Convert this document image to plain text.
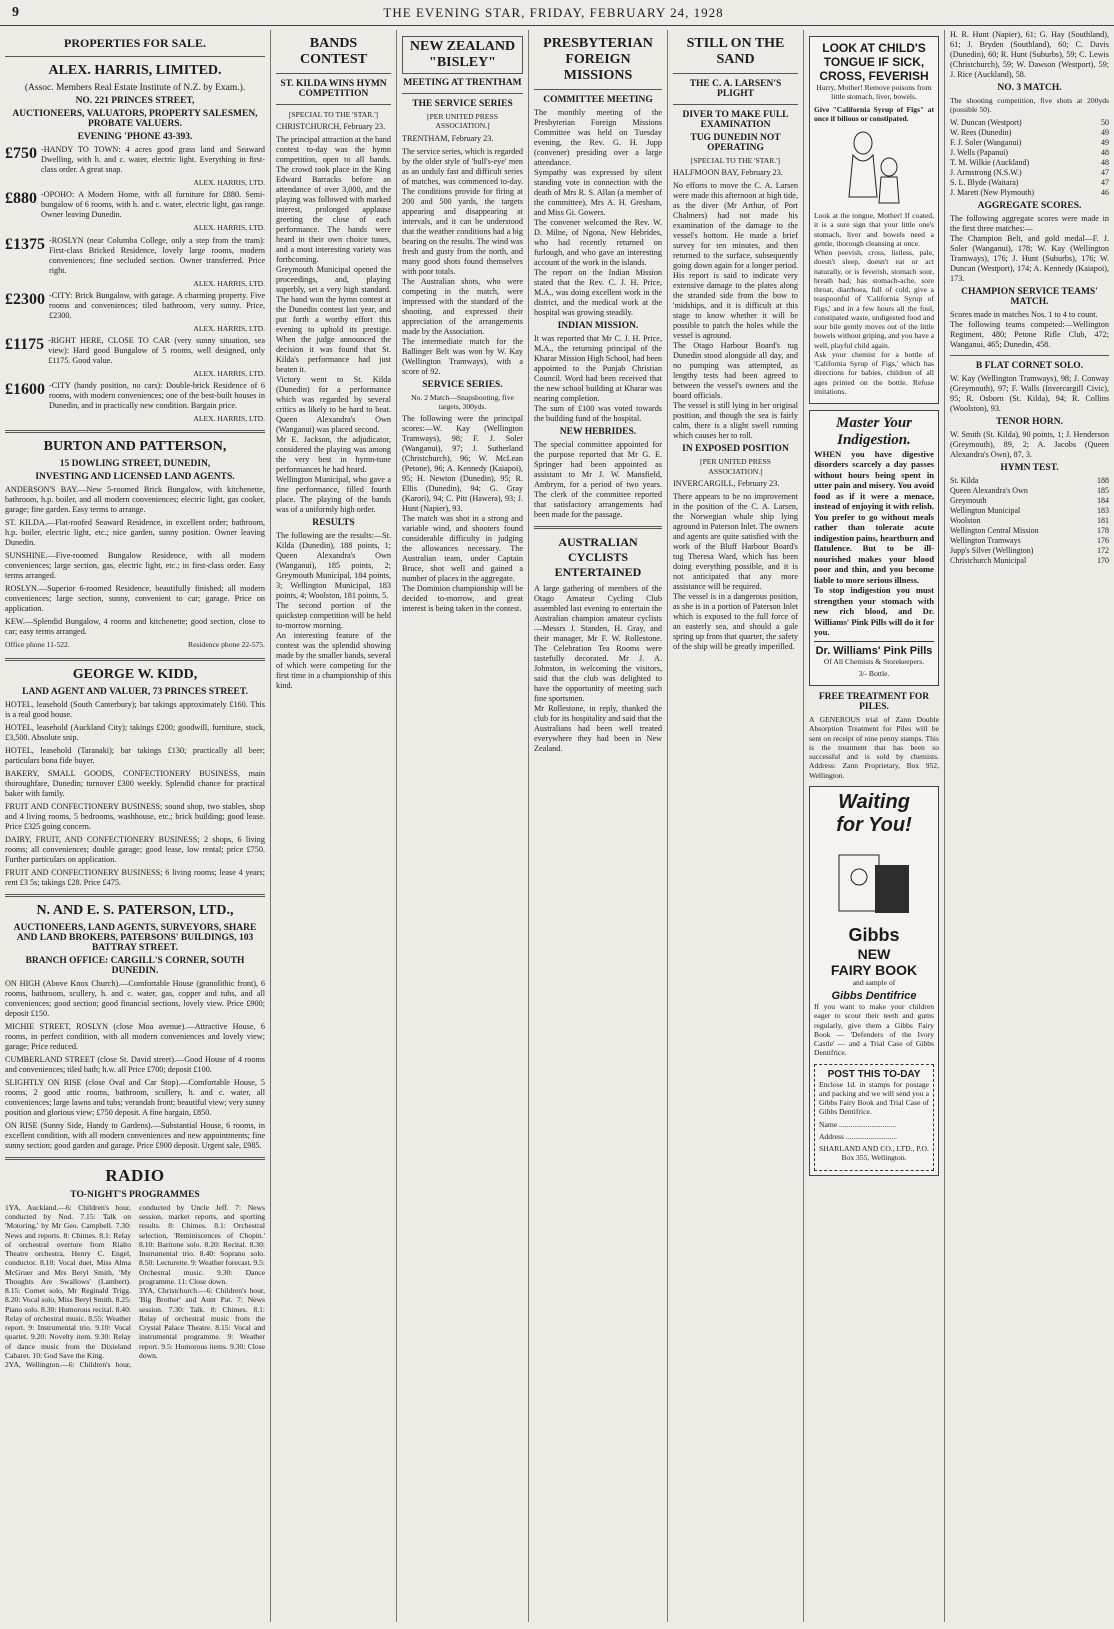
9	THE EVENING STAR, FRIDAY, FEBRUARY 24, 1928
PROPERTIES FOR SALE.
ALEX. HARRIS, LIMITED.
(Assoc. Members Real Estate Institute of N.Z. by Exam.).
NO. 221 PRINCES STREET,
AUCTIONEERS, VALUATORS, PROPERTY SALESMEN, PROBATE VALUERS.
EVENING 'PHONE 43-393.
£750 -HANDY TO TOWN: 4 acres good grass land and Seaward Dwelling, with h. and c. water, electric light. Everything in first-class order. A great snap.
ALEX. HARRIS, LTD.
£880 -OPOHO: A Modern Home, with all furniture for £880. Semi-bungalow of 6 rooms, with h. and c. water, electric light, gas range. Owner leaving Dunedin.
ALEX. HARRIS, LTD.
£1375 -ROSLYN (near Columba College, only a step from the tram): First-class Bricked Residence, lovely large rooms, modern conveniences; fine secluded section. Owner transferred. Price right.
ALEX. HARRIS, LTD.
£2300 -CITY: Brick Bungalow, with garage. A charming property. Five rooms and conveniences; tiled bathroom, very sunny. Price, £2300.
ALEX. HARRIS, LTD.
£1175 -RIGHT HERE, CLOSE TO CAR (very sunny situation, sea view): Hard good Bungalow of 5 rooms, well designed, only £1175. Good value.
ALEX. HARRIS, LTD.
£1600 -CITY (handy position, no cars): Double-brick Residence of 6 rooms, with modern conveniences; one of the best-built houses in Dunedin, and in practically new condition. Bargain price.
ALEX. HARRIS, LTD.
BURTON AND PATTERSON,
15 DOWLING STREET, DUNEDIN,
INVESTING AND LICENSED LAND AGENTS.
ANDERSON'S BAY.—New 5-roomed Brick Bungalow, with kitchenette, bathroom, h.p. boiler, and all modern conveniences; electric light, gas cooker, garage; fine garden. Easy terms to arrange.
ST. KILDA.—Flat-roofed Seaward Residence, in excellent order; bathroom, h.p. boiler, electric light, etc.; nice garden, sunny position. Owner leaving Dunedin.
SUNSHINE.—Five-roomed Bungalow Residence, with all modern conveniences; large section, gas, electric light, etc.; in first-class order. Easy terms arranged.
ROSLYN.—Superior 6-roomed Residence, beautifully finished; all modern conveniences; large section, sunny, convenient to car; garage. Price on application.
KEW.—Splendid Bungalow, 4 rooms and kitchenette; good section, close to car; easy terms arranged.
Office phone 11-522.	Residence phone 22-575.
GEORGE W. KIDD,
LAND AGENT AND VALUER, 73 PRINCES STREET.
HOTEL, leasehold (South Canterbury); bar takings approximately £160. This is a real good house.
HOTEL, leasehold (Auckland City); takings £200; goodwill, furniture, stock, £3,500. Absolute snip.
HOTEL, leasehold (Taranaki); bar takings £130; practically all beer; particulars bona fide buyer.
BAKERY, SMALL GOODS, CONFECTIONERY BUSINESS, main thoroughfare, Dunedin; turnover £300 weekly. Splendid chance for practical baker with family.
FRUIT AND CONFECTIONERY BUSINESS; sound shop, two stables, shop and 4 living rooms, 5 bedrooms, washhouse, etc.; brick building; good lease. Price £325 going concern.
DAIRY, FRUIT, AND CONFECTIONERY BUSINESS; 2 shops, 6 living rooms; all conveniences; double garage; good lease, low rental; price £750. Further particulars on application.
FRUIT AND CONFECTIONERY BUSINESS; 6 living rooms; lease 4 years; rent £3 5s; takings £28. Price £475.
N. AND E. S. PATERSON, LTD.,
AUCTIONEERS, LAND AGENTS, SURVEYORS, SHARE AND LAND BROKERS, PATERSONS' BUILDINGS, 103 BATTRAY STREET.
BRANCH OFFICE: CARGILL'S CORNER, SOUTH DUNEDIN.
ON HIGH (Above Knox Church).—Comfortable House (granolithic front), 6 rooms, bathroom, scullery, h. and c. water, gas, copper and tubs, and all conveniences; good section; good financial sections, lovely view. Price £900; deposit £150.
MICHIE STREET, ROSLYN (close Moa avenue).—Attractive House, 6 rooms, in perfect condition, with all modern conveniences and lovely view; garage; Price reduced.
CUMBERLAND STREET (close St. David street).—Good House of 4 rooms and conveniences; tiled bath; h.w. all Price £700; deposit £100.
SLIGHTLY ON RISE (close Oval and Car Stop).—Comfortable House, 5 rooms, 2 good attic rooms, bathroom, scullery, h. and c. water, all conveniences; large lawns and tubs; verandah front; beautiful view; very sunny position and glorious view; £750 deposit. A fine bargain, £850.
ON RISE (Sunny Side, Handy to Gardens).—Substantial House, 6 rooms, in excellent condition, with all modern conveniences and new appointments; fine sunny section; good garden and garage. Price £900 deposit. Urgent sale, £985.
RADIO
TO-NIGHT'S PROGRAMMES
1YA, Auckland.—6: Children's hour, conducted by Nod. 7.15: Talk on 'Motoring,' by Mr Geo. Campbell. 7.30: News and reports. 8: Chimes. 8.1: Relay of orchestral overture from Rialto Theatre orchestra, Henry C. Engel, conductor. 8.10: Vocal duet, Miss Alma McGruer and Mrs Beryl Smith, 'My Thoughts Are Swallows' (Lambert). 8.15: Cornet solo, Mr Reginald Trigg. 8.20: Vocal solo, Miss Beryl Smith. 8.25: Piano solo. 8.30: Humorous recital. 8.40: Relay of orchestral music. 8.55: Weather report. 9: Instrumental trio. 9.10: Vocal quartet. 9.20: Novelty item. 9.30: Relay of dance music from the Dixieland Cabaret. 10: God Save the King.
2YA, Wellington.—6: Children's hour, conducted by Uncle Jeff. 7: News session, market reports, and sporting results. 8: Chimes. 8.1: Orchestral selection, 'Reminiscences of Chopin.' 8.10: Baritone solo. 8.20: Recital. 8.30: Instrumental trio. 8.40: Soprano solo. 8.50: Lecturette. 9: Weather forecast. 9.5: Orchestral music. 9.30: Dance programme. 11: Close down.
3YA, Christchurch.—6: Children's hour, 'Big Brother' and Aunt Pat. 7: News session. 7.30: Talk. 8: Chimes. 8.1: Relay of orchestral music from the Crystal Palace Theatre. 8.15: Vocal and instrumental programme. 9: Weather report. 9.5: Humorous items. 9.30: Close down.
BANDS CONTEST
ST. KILDA WINS HYMN COMPETITION
[SPECIAL TO THE 'STAR.']
CHRISTCHURCH, February 23.
The principal attraction at the band contest to-day was the hymn competition, open to all bands. The crowd took place in the King Edward Barracks before an attendance of over 3,000, and the playing was followed with marked interest, prolonged applause greeting the close of each performance. The bands were heard in their own choice tunes, and a most interesting variety was forthcoming.
Greymouth Municipal opened the proceedings, and, playing superbly, set a very high standard. The band won the hymn contest at the Dunedin contest last year, and put forth a worthy effort this evening to uphold its prestige. When the judge announced the decision it was found that St. Kilda's performance had just beaten it.
Victory went to St. Kilda (Dunedin) for a performance which was regarded by several critics as likely to be hard to beat. Queen Alexandra's Own (Wanganui) was placed second.
Mr E. Jackson, the adjudicator, considered the playing was among the very best in hymn-tune performances he had heard.
Wellington Municipal, who gave a fine performance, filled fourth place. The playing of the bands was of a uniformly high order.
RESULTS
The following are the results:—St. Kilda (Dunedin), 188 points, 1; Queen Alexandra's Own (Wanganui), 185 points, 2; Greymouth Municipal, 184 points, 3; Wellington Municipal, 183 points, 4; Woolston, 181 points, 5.
The second portion of the quickstep competition will be held to-morrow morning.
An interesting feature of the contest was the splendid showing made by the smaller bands, several of which were competing for the first time in a championship of this kind.
NEW ZEALAND "BISLEY"
MEETING AT TRENTHAM
THE SERVICE SERIES
[PER UNITED PRESS ASSOCIATION.]
TRENTHAM, February 23.
The service series, which is regarded by the older style of 'bull's-eye' men as an unduly fast and difficult series of matches, was commenced to-day. The conditions provide for firing at 200 and 500 yards, the targets appearing and disappearing at intervals, and it can be understood that the weather conditions had a big bearing on the results. The wind was fresh and gusty from the north, and many good shots found themselves with poor totals.
The Australian shots, who were competing in the match, were impressed with the standard of the shooting, and expressed their appreciation of the arrangements made by the Association.
The intermediate match for the Ballinger Belt was won by W. Kay (Wellington Tramways), with a score of 92.
SERVICE SERIES.
No. 2 Match—Snapshooting, five targets, 300yds.
The following were the principal scores:—W. Kay (Wellington Tramways), 98; F. J. Soler (Wanganui), 97; J. Sutherland (Christchurch), 96; W. McLean (Petone), 96; A. Kennedy (Kaiapoi), 95; H. Newton (Dunedin), 95; R. Ellis (Dunedin), 94; G. Gray (Karori), 94; C. Pitt (Hawera), 93; J. Hunt (Napier), 93.
The match was shot in a strong and variable wind, and shooters found considerable difficulty in judging the allowances necessary. The Australian team, under Captain Bruce, shot well and gained a number of places in the aggregate.
The Dominion championship will be decided to-morrow, and great interest is being taken in the contest.
PRESBYTERIAN FOREIGN MISSIONS
COMMITTEE MEETING
The monthly meeting of the Presbyterian Foreign Missions Committee was held on Tuesday evening, the Rev. G. H. Jupp (convener) presiding over a large attendance.
Sympathy was expressed by silent standing vote in connection with the death of Mrs R. S. Allan (a member of the committee), Mrs A. H. Gresham, and Miss Gi. Gowers.
The convener welcomed the Rev. W. D. Milne, of Ngona, New Hebrides, who had recently returned on furlough, and who gave an interesting account of the work in the islands.
The report on the Indian Mission stated that the Rev. C. J. H. Price, M.A., was doing excellent work in the district, and the medical work at the hospital was growing steadily.
INDIAN MISSION.
It was reported that Mr C. J. H. Price, M.A., the returning principal of the Kharar Mission High School, had been appointed to the Punjab Christian Council. Word had been received that the new school building at Kharar was nearing completion.
The sum of £100 was voted towards the building fund of the hospital.
NEW HEBRIDES.
The special committee appointed for the purpose reported that Mr G. E. Springer had been appointed as assistant to Mr J. W. Mansfield, Ambrym, for a period of two years. The clerk of the committee reported that satisfactory arrangements had been made for the passage.
AUSTRALIAN CYCLISTS ENTERTAINED
A large gathering of members of the Otago Amateur Cycling Club assembled last evening to entertain the Australian champion amateur cyclists—Messrs J. Standen, H. Gray, and their manager, Mr F. W. Rollestone. The Celebration Tea Rooms were tastefully decorated. Mr J. A. Johnston, in welcoming the visitors, said that the club was delighted to have the opportunity of meeting such fine sportsmen.
Mr Rollestone, in reply, thanked the club for its hospitality and said that the Australians had been well treated everywhere they had been in New Zealand.
STILL ON THE SAND
THE C. A. LARSEN'S PLIGHT
DIVER TO MAKE FULL EXAMINATION
TUG DUNEDIN NOT OPERATING
[SPECIAL TO THE 'STAR.']
HALFMOON BAY, February 23.
No efforts to move the C. A. Larsen were made this afternoon at high tide, as the diver (Mr Arthur, of Port Chalmers) had not made his examination of the damage to the vessel's bottom. He made a brief survey for ten minutes, and then returned to the surface, subsequently going down again for a longer period. His report is said to indicate very extensive damage to the plates along the stranded side from the bow to 'midships, and it is difficult at this stage to know whether it will be possible to patch the holes while the vessel is aground.
The Otago Harbour Board's tug Dunedin stood alongside all day, and no pumping was attempted, as lengthy tests had been agreed to between the vessel's owners and the board officials.
The vessel is still lying in her original position, and though the sea is fairly calm, there is a slight swell running which causes her to roll.
IN EXPOSED POSITION
[PER UNITED PRESS ASSOCIATION.]
INVERCARGILL, February 23.
There appears to be no improvement in the position of the C. A. Larsen, the Norwegian whale ship lying aground in Paterson Inlet. The owners and agents are quite satisfied with the work of the Bluff Harbour Board's tug Theresa Ward, which has been doing everything possible, and it is not anticipated that any more assistance will be required.
The vessel is in a dangerous position, as she is in a portion of Paterson Inlet which is exposed to the full force of an easterly sea, and should a gale spring up from that quarter, the safety of the ship will be greatly imperilled.
LOOK AT CHILD'S
TONGUE IF SICK,
CROSS, FEVERISH
Hurry, Mother! Remove poisons from little stomach, liver, bowels.
Give "California Syrup of Figs" at once if bilious or constipated.
Look at the tongue, Mother! If coated, it is a sure sign that your little one's stomach, liver and bowels need a gentle, thorough cleansing at once.
When peevish, cross, listless, pale, doesn't sleep, doesn't eat or act naturally, or is feverish, stomach sour, breath bad; has stomach-ache, sore throat, diarrhoea, full of cold, give a teaspoonful of 'California Syrup of Figs,' and in a few hours all the foul, constipated waste, undigested food and sour bile gently moves out of the little bowels without griping, and you have a well, playful child again.
Ask your chemist for a bottle of 'California Syrup of Figs,' which has directions for babies, children of all ages printed on the bottle. Refuse imitations.
Master Your
Indigestion.
WHEN you have digestive disorders scarcely a day passes without hours being spent in utter pain and misery. You avoid food as if it were a menace, instead of enjoying it with relish. You prefer to go without meals rather than tolerate acute indigestion pains, heartburn and flatulence. But to be ill-nourished makes your blood poor and thin, and you become liable to more serious illness.
To stop indigestion you must strengthen your stomach with new rich blood, and Dr. Williams' Pink Pills will do it for you.
Dr. Williams' Pink Pills
Of All Chemists & Storekeepers.
3/- Bottle.
FREE TREATMENT FOR PILES.
A GENEROUS trial of Zann Double Absorption Treatment for Piles will be sent on receipt of nine penny stamps. This is the treatment that has been so successful and is sold by chemists. Address: Zann Proprietary, Box 952, Wellington.
Waiting
for You!
Gibbs
NEW
FAIRY BOOK
and sample of
Gibbs Dentifrice
If you want to make your children eager to scour their teeth and gums regularly, give them a Gibbs Fairy Book — 'Defenders of the Ivory Castle' — and a Trial Case of Gibbs Dentifrice.
POST THIS TO-DAY
Enclose 1d. in stamps for postage and packing and we will send you a Gibbs Fairy Book and Trial Case of Gibbs Dentifrice.
Name ..............................
Address ...........................
SHARLAND AND CO., LTD., P.O. Box 355, Wellington.
H. R. Hunt (Napier), 61; G. Hay (Southland), 61; J. Bryden (Southland), 60; C. Davis (Dunedin), 60; R. Hunt (Suburbs), 59; C. Lewis (Christchurch), 59; W. Dawson (Westport), 59; J. Rice (Auckland), 58.
NO. 3 MATCH.
The shooting competition, five shots at 200yds (possible 50).
W. Duncan (Westport)	50
W. Rees (Dunedin)	49
F. J. Soler (Wanganui)	49
J. Wells (Papanui)	48
T. M. Wilkie (Auckland)	48
J. Armstrong (N.S.W.)	47
S. L. Blyde (Waitara)	47
J. Marett (New Plymouth)	46
AGGREGATE SCORES.
The following aggregate scores were made in the first three matches:—
The Champion Belt, and gold medal—F. J. Soler (Wanganui), 178; W. Kay (Wellington Tramways), 176; J. Hunt (Suburbs), 176; W. Duncan (Westport), 174; A. Kennedy (Kaiapoi), 173.
CHAMPION SERVICE TEAMS' MATCH.
Scores made in matches Nos. 1 to 4 to count.
The following teams competed:—Wellington Regiment, 480; Petone Rifle Club, 472; Wanganui, 465; Dunedin, 458.
B FLAT CORNET SOLO.
W. Kay (Wellington Tramways), 98; J. Conway (Greymouth), 97; F. Walls (Invercargill Civic), 95; R. Osborn (St. Kilda), 94; R. Collins (Woolston), 93.
TENOR HORN.
W. Smith (St. Kilda), 90 points, 1; J. Henderson (Greymouth), 89, 2; A. Jacobs (Queen Alexandra's Own), 87, 3.
HYMN TEST.
St. Kilda	188
Queen Alexandra's Own	185
Greymouth	184
Wellington Municipal	183
Woolston	181
Wellington Central Mission	178
Wellington Tramways	176
Jupp's Silver (Wellington)	172
Christchurch Municipal	170
